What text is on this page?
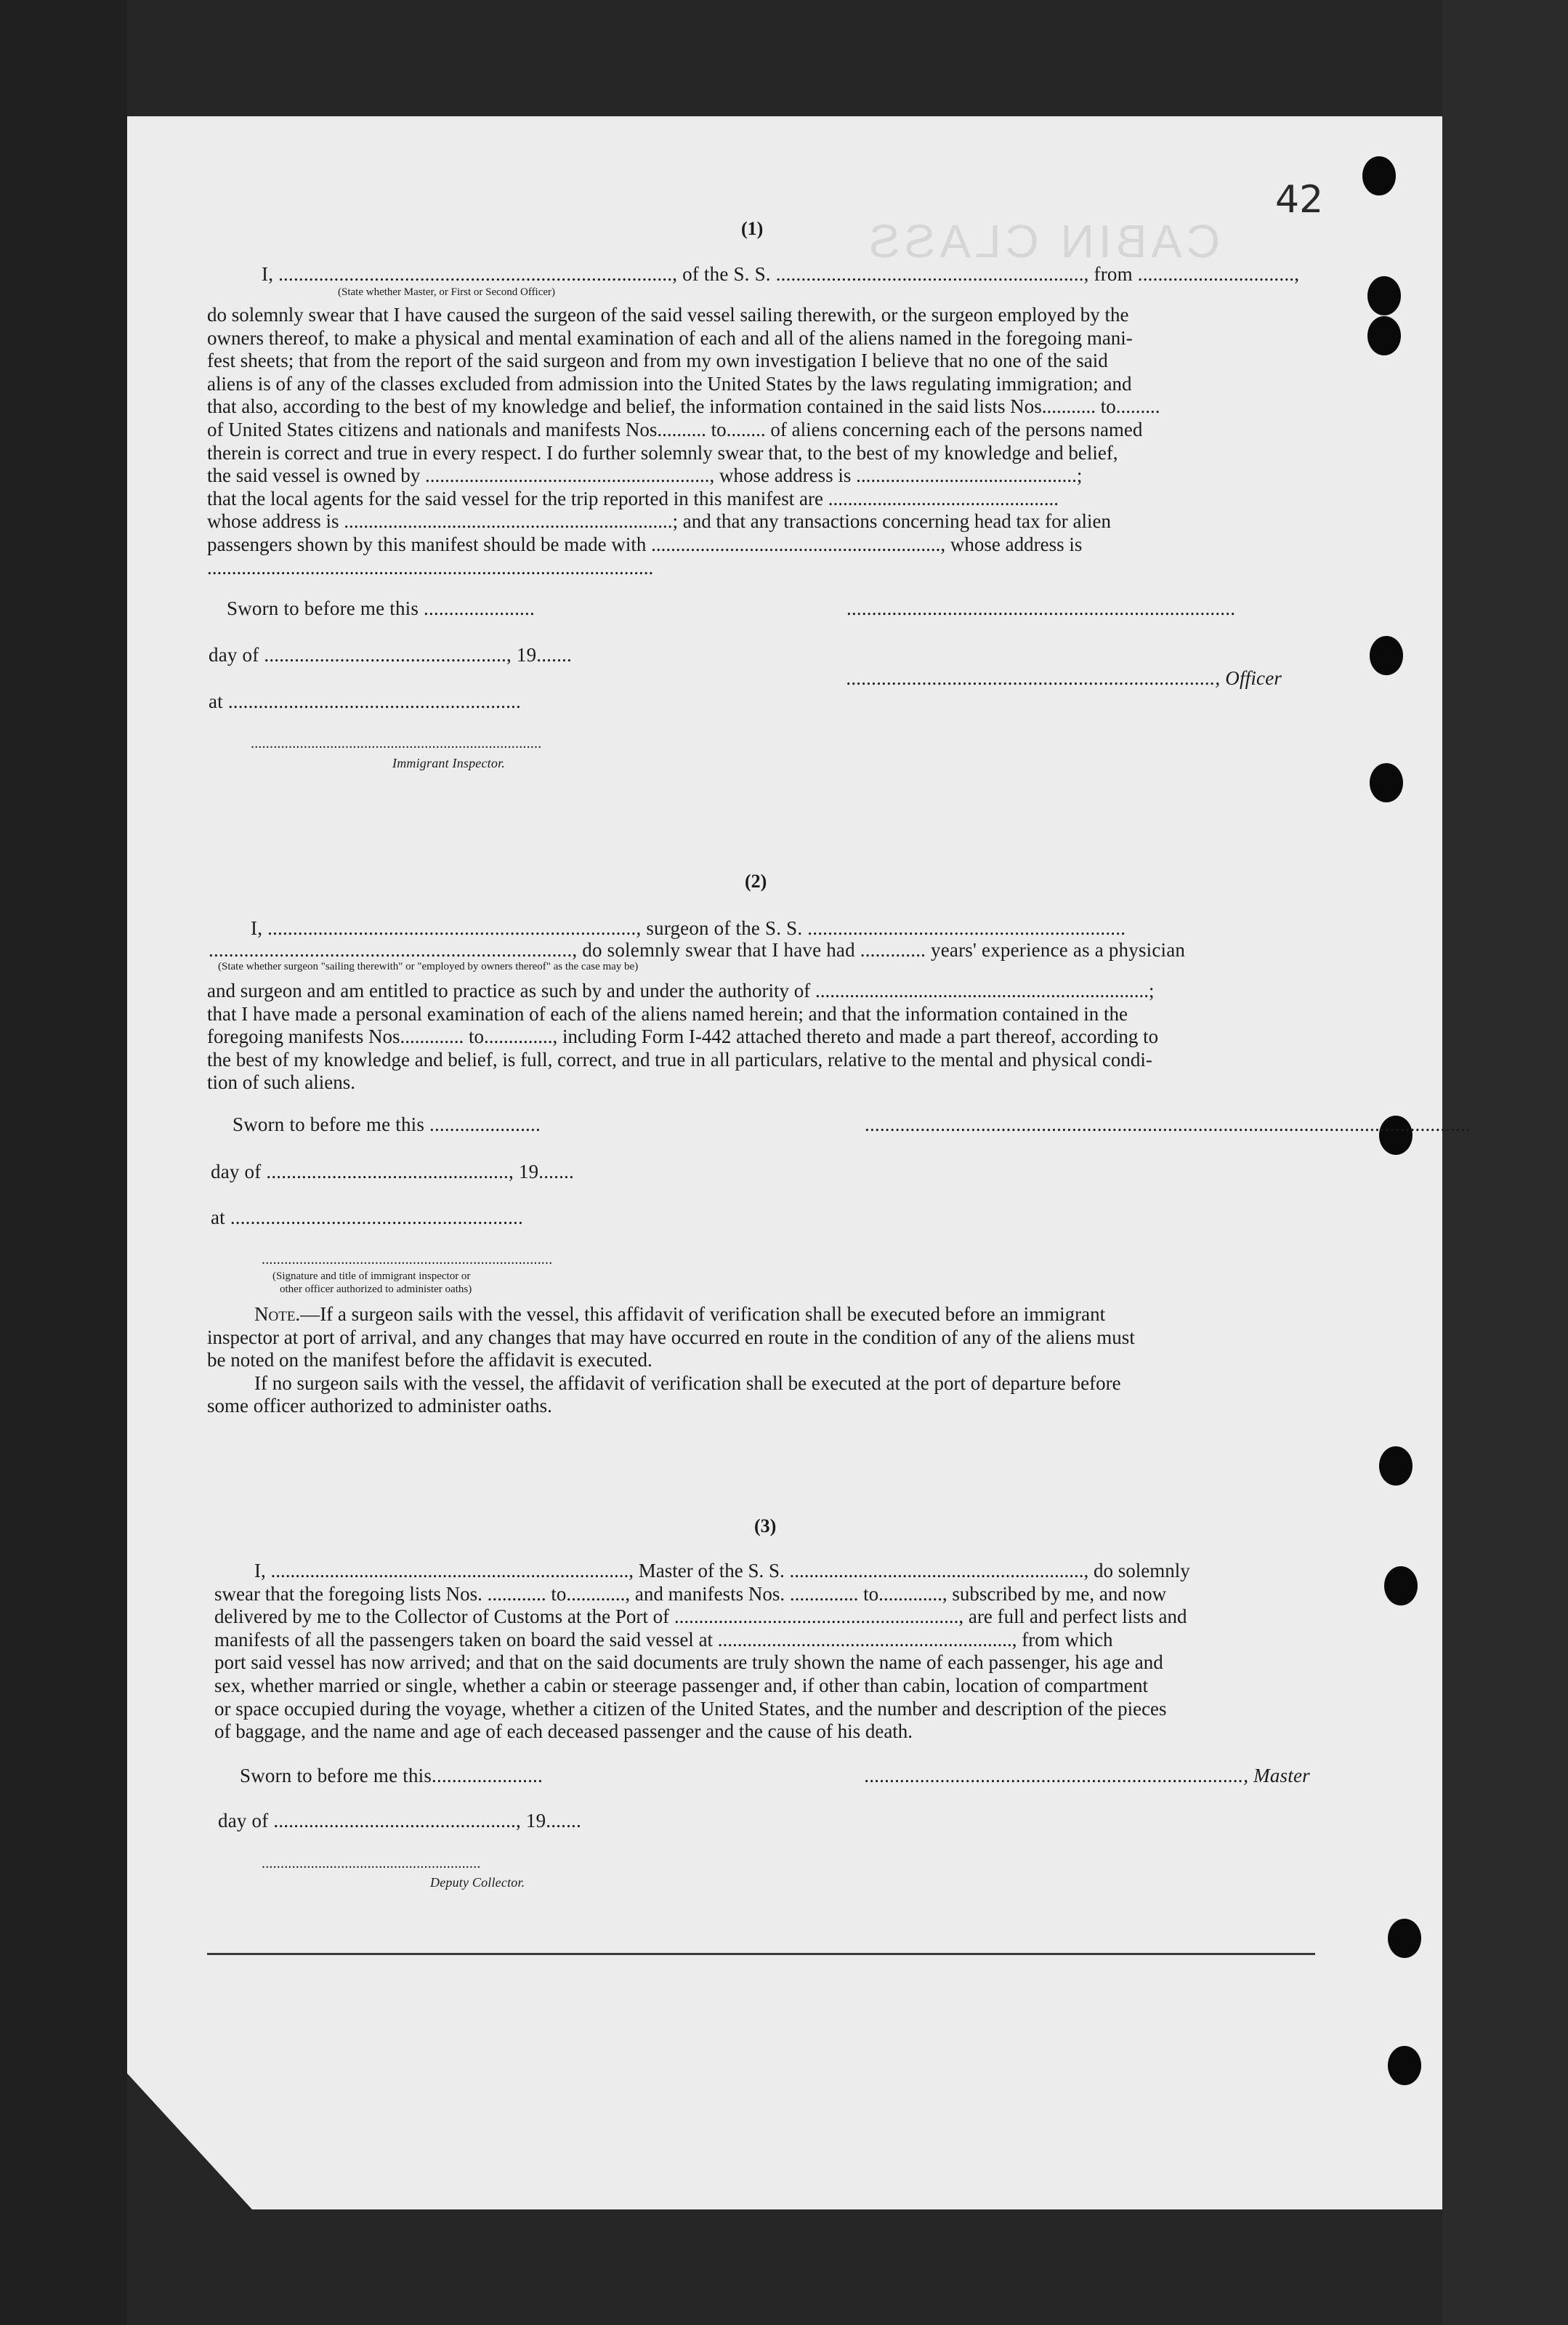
CABIN CLASS
42
(1)
I, .............................................................................., of the S. S. ............................................................., from ...............................,
(State whether Master, or First or Second Officer)
do solemnly swear that I have caused the surgeon of the said vessel sailing therewith, or the surgeon employed by the
owners thereof, to make a physical and mental examination of each and all of the aliens named in the foregoing mani-
fest sheets; that from the report of the said surgeon and from my own investigation I believe that no one of the said
aliens is of any of the classes excluded from admission into the United States by the laws regulating immigration; and
that also, according to the best of my knowledge and belief, the information contained in the said lists Nos........... to.........
of United States citizens and nationals and manifests Nos.......... to........ of aliens concerning each of the persons named
therein is correct and true in every respect. I do further solemnly swear that, to the best of my knowledge and belief,
the said vessel is owned by .........................................................., whose address is .............................................;
that the local agents for the said vessel for the trip reported in this manifest are ...............................................
whose address is ...................................................................; and that any transactions concerning head tax for alien
passengers shown by this manifest should be made with ..........................................................., whose address is
...........................................................................................
Sworn to before me this ......................
day of ................................................, 19.......
at ..........................................................
.............................................................................
Immigrant Inspector.
.............................................................................
........................................................................., Officer
(2)
I, ........................................................................., surgeon of the S. S. ...............................................................
........................................................................, do solemnly swear that I have had ............. years' experience as a physician
(State whether surgeon "sailing therewith" or "employed by owners thereof" as the case may be)
and surgeon and am entitled to practice as such by and under the authority of ....................................................................;
that I have made a personal examination of each of the aliens named herein; and that the information contained in the
foregoing manifests Nos............. to.............., including Form I-442 attached thereto and made a part thereof, according to
the best of my knowledge and belief, is full, correct, and true in all particulars, relative to the mental and physical condi-
tion of such aliens.
Sworn to before me this ......................
day of ................................................, 19.......
at ..........................................................
........................................................................................................................
.............................................................................
(Signature and title of immigrant inspector or
other officer authorized to administer oaths)
Note.—If a surgeon sails with the vessel, this affidavit of verification shall be executed before an immigrant
inspector at port of arrival, and any changes that may have occurred en route in the condition of any of the aliens must
be noted on the manifest before the affidavit is executed.
If no surgeon sails with the vessel, the affidavit of verification shall be executed at the port of departure before
some officer authorized to administer oaths.
(3)
I, ........................................................................., Master of the S. S. ............................................................, do solemnly
swear that the foregoing lists Nos. ............ to............, and manifests Nos. .............. to............., subscribed by me, and now
delivered by me to the Collector of Customs at the Port of .........................................................., are full and perfect lists and
manifests of all the passengers taken on board the said vessel at ............................................................, from which
port said vessel has now arrived; and that on the said documents are truly shown the name of each passenger, his age and
sex, whether married or single, whether a cabin or steerage passenger and, if other than cabin, location of compartment
or space occupied during the voyage, whether a citizen of the United States, and the number and description of the pieces
of baggage, and the name and age of each deceased passenger and the cause of his death.
Sworn to before me this......................	..........................................................................., Master
day of ................................................, 19.......
..........................................................
Deputy Collector.
